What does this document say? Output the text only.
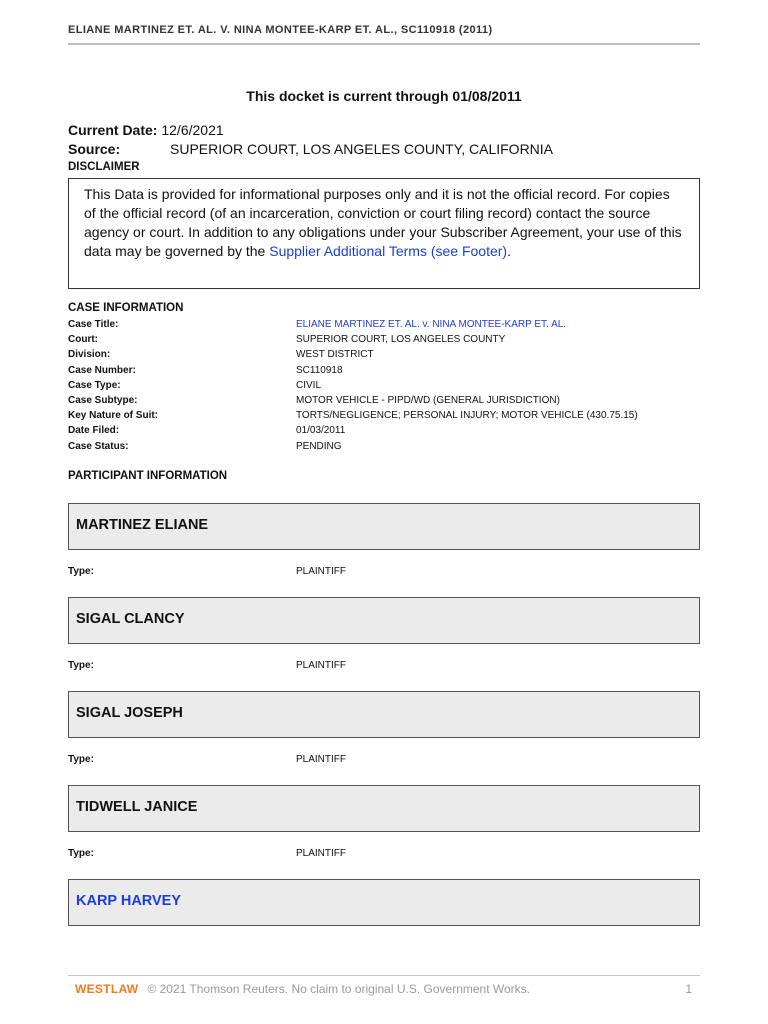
ELIANE MARTINEZ ET. AL. V. NINA MONTEE-KARP ET. AL., SC110918 (2011)
This docket is current through 01/08/2011
Current Date: 12/6/2021
Source:	SUPERIOR COURT, LOS ANGELES COUNTY, CALIFORNIA
DISCLAIMER
This Data is provided for informational purposes only and it is not the official record. For copies of the official record (of an incarceration, conviction or court filing record) contact the source agency or court. In addition to any obligations under your Subscriber Agreement, your use of this data may be governed by the Supplier Additional Terms (see Footer).
CASE INFORMATION
Case Title:	ELIANE MARTINEZ ET. AL. v. NINA MONTEE-KARP ET. AL.
Court:	SUPERIOR COURT, LOS ANGELES COUNTY
Division:	WEST DISTRICT
Case Number:	SC110918
Case Type:	CIVIL
Case Subtype:	MOTOR VEHICLE - PIPD/WD (GENERAL JURISDICTION)
Key Nature of Suit:	TORTS/NEGLIGENCE; PERSONAL INJURY; MOTOR VEHICLE (430.75.15)
Date Filed:	01/03/2011
Case Status:	PENDING
PARTICIPANT INFORMATION
MARTINEZ ELIANE
Type:	PLAINTIFF
SIGAL CLANCY
Type:	PLAINTIFF
SIGAL JOSEPH
Type:	PLAINTIFF
TIDWELL JANICE
Type:	PLAINTIFF
KARP HARVEY
WESTLAW © 2021 Thomson Reuters. No claim to original U.S. Government Works.	1
